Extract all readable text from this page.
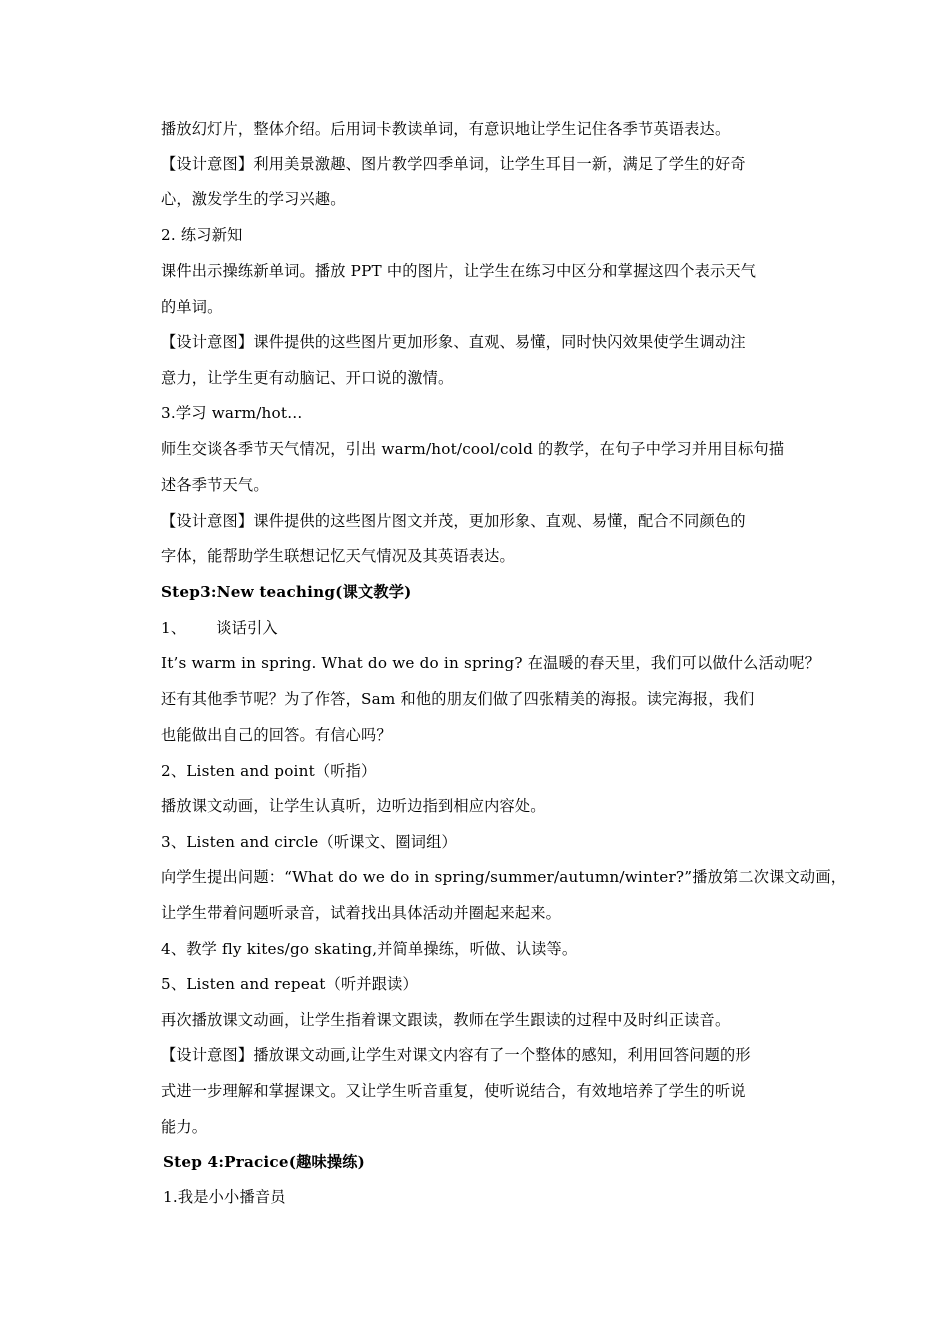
播放幻灯片，整体介绍。后用词卡教读单词，有意识地让学生记住各季节英语表达。
【设计意图】利用美景激趣、图片教学四季单词，让学生耳目一新，满足了学生的好奇
心，激发学生的学习兴趣。
2. 练习新知
课件出示操练新单词。播放 PPT 中的图片，让学生在练习中区分和掌握这四个表示天气
的单词。
【设计意图】课件提供的这些图片更加形象、直观、易懂，同时快闪效果使学生调动注
意力，让学生更有动脑记、开口说的激情。
3.学习 warm/hot…
师生交谈各季节天气情况，引出 warm/hot/cool/cold 的教学，在句子中学习并用目标句描
述各季节天气。
【设计意图】课件提供的这些图片图文并茂，更加形象、直观、易懂，配合不同颜色的
字体，能帮助学生联想记忆天气情况及其英语表达。
Step3:New teaching(课文教学)
1、 谈话引入
It’s warm in spring. What do we do in spring? 在温暖的春天里，我们可以做什么活动呢？
还有其他季节呢？为了作答，Sam 和他的朋友们做了四张精美的海报。读完海报，我们
也能做出自己的回答。有信心吗？
2、Listen and point（听指）
播放课文动画，让学生认真听，边听边指到相应内容处。
3、Listen and circle（听课文、圈词组）
向学生提出问题：“What do we do in spring/summer/autumn/winter?”播放第二次课文动画，
让学生带着问题听录音，试着找出具体活动并圈起来起来。
4、教学 fly kites/go skating,并简单操练，听做、认读等。
5、Listen and repeat（听并跟读）
再次播放课文动画，让学生指着课文跟读，教师在学生跟读的过程中及时纠正读音。
【设计意图】播放课文动画,让学生对课文内容有了一个整体的感知，利用回答问题的形
式进一步理解和掌握课文。又让学生听音重复，使听说结合，有效地培养了学生的听说
能力。
Step 4:Pracice(趣味操练)
1.我是小小播音员
